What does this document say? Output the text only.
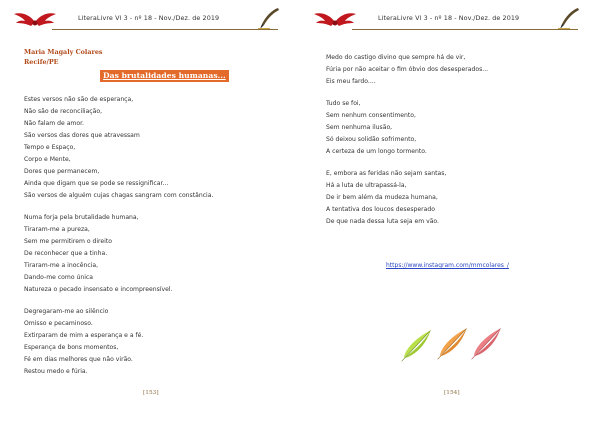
LiteraLivre Vl 3 - nº 18 - Nov./Dez. de 2019
Maria Magaly Colares
Recife/PE
Das brutalidades humanas...
Estes versos não são de esperança,
Não são de reconciliação,
Não falam de amor.
São versos das dores que atravessam
Tempo e Espaço,
Corpo e Mente,
Dores que permanecem,
Ainda que digam que se pode se ressignificar...
São versos de alguém cujas chagas sangram com constância.
Numa forja pela brutalidade humana,
Tiraram-me a pureza,
Sem me permitirem o direito
De reconhecer que a tinha.
Tiraram-me a inocência,
Dando-me como única
Natureza o pecado insensato e incompreensível.
Degregaram-me ao silêncio
Omisso e pecaminoso.
Extirparam de mim a esperança e a fé.
Esperança de bons momentos,
Fé em dias melhores que não virão.
Restou medo e fúria.
[153]
LiteraLivre Vl 3 - nº 18 - Nov./Dez. de 2019
Medo do castigo divino que sempre há de vir,
Fúria por não aceitar o fim óbvio dos desesperados...
Eis meu fardo....
Tudo se foi,
Sem nenhum consentimento,
Sem nenhuma ilusão,
Só deixou solidão sofrimento,
A certeza de um longo tormento.
E, embora as feridas não sejam santas,
Há a luta de ultrapassá-la,
De ir bem além da mudeza humana,
A tentativa dos loucos desesperado
De que nada dessa luta seja em vão.
https://www.instagram.com/mmcolares_/
[154]
